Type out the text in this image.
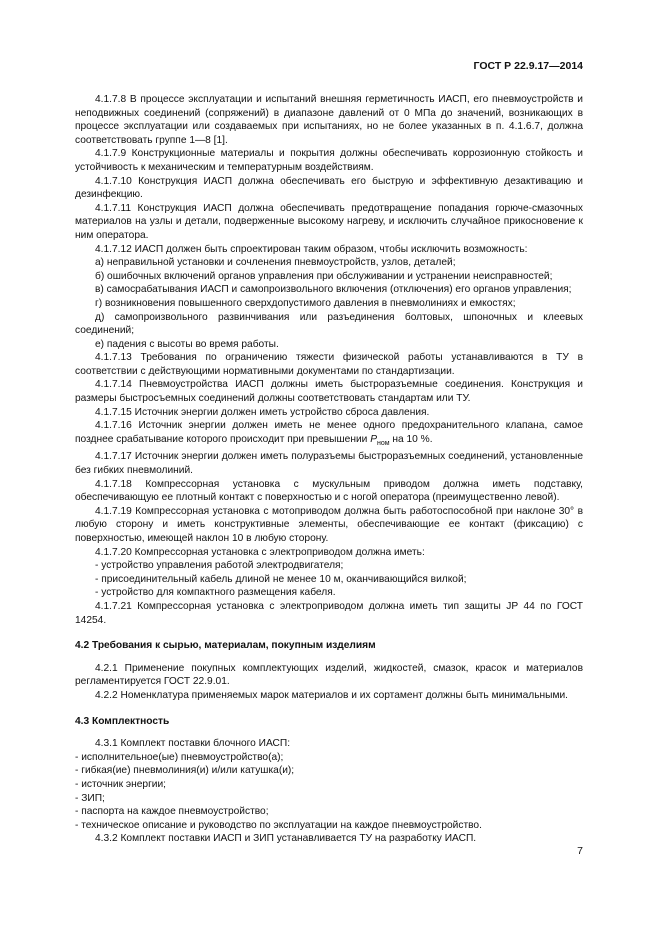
ГОСТ Р 22.9.17—2014

4.1.7.8 В процессе эксплуатации и испытаний внешняя герметичность ИАСП, его пневмоустройств и неподвижных соединений (сопряжений) в диапазоне давлений от 0 МПа до значений, возникающих в процессе эксплуатации или создаваемых при испытаниях, но не более указанных в п. 4.1.6.7, должна соответствовать группе 1—8 [1].

4.1.7.9 Конструкционные материалы и покрытия должны обеспечивать коррозионную стойкость и устойчивость к механическим и температурным воздействиям.

4.1.7.10 Конструкция ИАСП должна обеспечивать его быструю и эффективную дезактивацию и дезинфекцию.

4.1.7.11 Конструкция ИАСП должна обеспечивать предотвращение попадания горюче-смазочных материалов на узлы и детали, подверженные высокому нагреву, и исключить случайное прикосновение к ним оператора.

4.1.7.12 ИАСП должен быть спроектирован таким образом, чтобы исключить возможность:

а) неправильной установки и сочленения пневмоустройств, узлов, деталей;

б) ошибочных включений органов управления при обслуживании и устранении неисправностей;

в) самосрабатывания ИАСП и самопроизвольного включения (отключения) его органов управления;

г) возникновения повышенного сверхдопустимого давления в пневмолиниях и емкостях;

д) самопроизвольного развинчивания или разъединения болтовых, шпоночных и клеевых соединений;

е) падения с высоты во время работы.

4.1.7.13 Требования по ограничению тяжести физической работы устанавливаются в ТУ в соответствии с действующими нормативными документами по стандартизации.

4.1.7.14 Пневмоустройства ИАСП должны иметь быстроразъемные соединения. Конструкция и размеры быстросъемных соединений должны соответствовать стандартам или ТУ.

4.1.7.15 Источник энергии должен иметь устройство сброса давления.

4.1.7.16 Источник энергии должен иметь не менее одного предохранительного клапана, самое позднее срабатывание которого происходит при превышении $P_{ном}$ на 10 %.

4.1.7.17 Источник энергии должен иметь полуразъемы быстроразъемных соединений, установленные без гибких пневмолиний.

4.1.7.18 Компрессорная установка с мускульным приводом должна иметь подставку, обеспечивающую ее плотный контакт с поверхностью и с ногой оператора (преимущественно левой).

4.1.7.19 Компрессорная установка с мотоприводом должна быть работоспособной при наклоне 30° в любую сторону и иметь конструктивные элементы, обеспечивающие ее контакт (фиксацию) с поверхностью, имеющей наклон 10 в любую сторону.

4.1.7.20 Компрессорная установка с электроприводом должна иметь:

- устройство управления работой электродвигателя;

- присоединительный кабель длиной не менее 10 м, оканчивающийся вилкой;

- устройство для компактного размещения кабеля.

4.1.7.21 Компрессорная установка с электроприводом должна иметь тип защиты JP 44 по ГОСТ 14254.

4.2 Требования к сырью, материалам, покупным изделиям

4.2.1 Применение покупных комплектующих изделий, жидкостей, смазок, красок и материалов регламентируется ГОСТ 22.9.01.

4.2.2 Номенклатура применяемых марок материалов и их сортамент должны быть минимальными.

4.3 Комплектность

4.3.1 Комплект поставки блочного ИАСП:

- исполнительное(ые) пневмоустройство(а);

- гибкая(ие) пневмолиния(и) и/или катушка(и);

- источник энергии;

- ЗИП;

- паспорта на каждое пневмоустройство;

- техническое описание и руководство по эксплуатации на каждое пневмоустройство.

4.3.2 Комплект поставки ИАСП и ЗИП устанавливается ТУ на разработку ИАСП.

7
